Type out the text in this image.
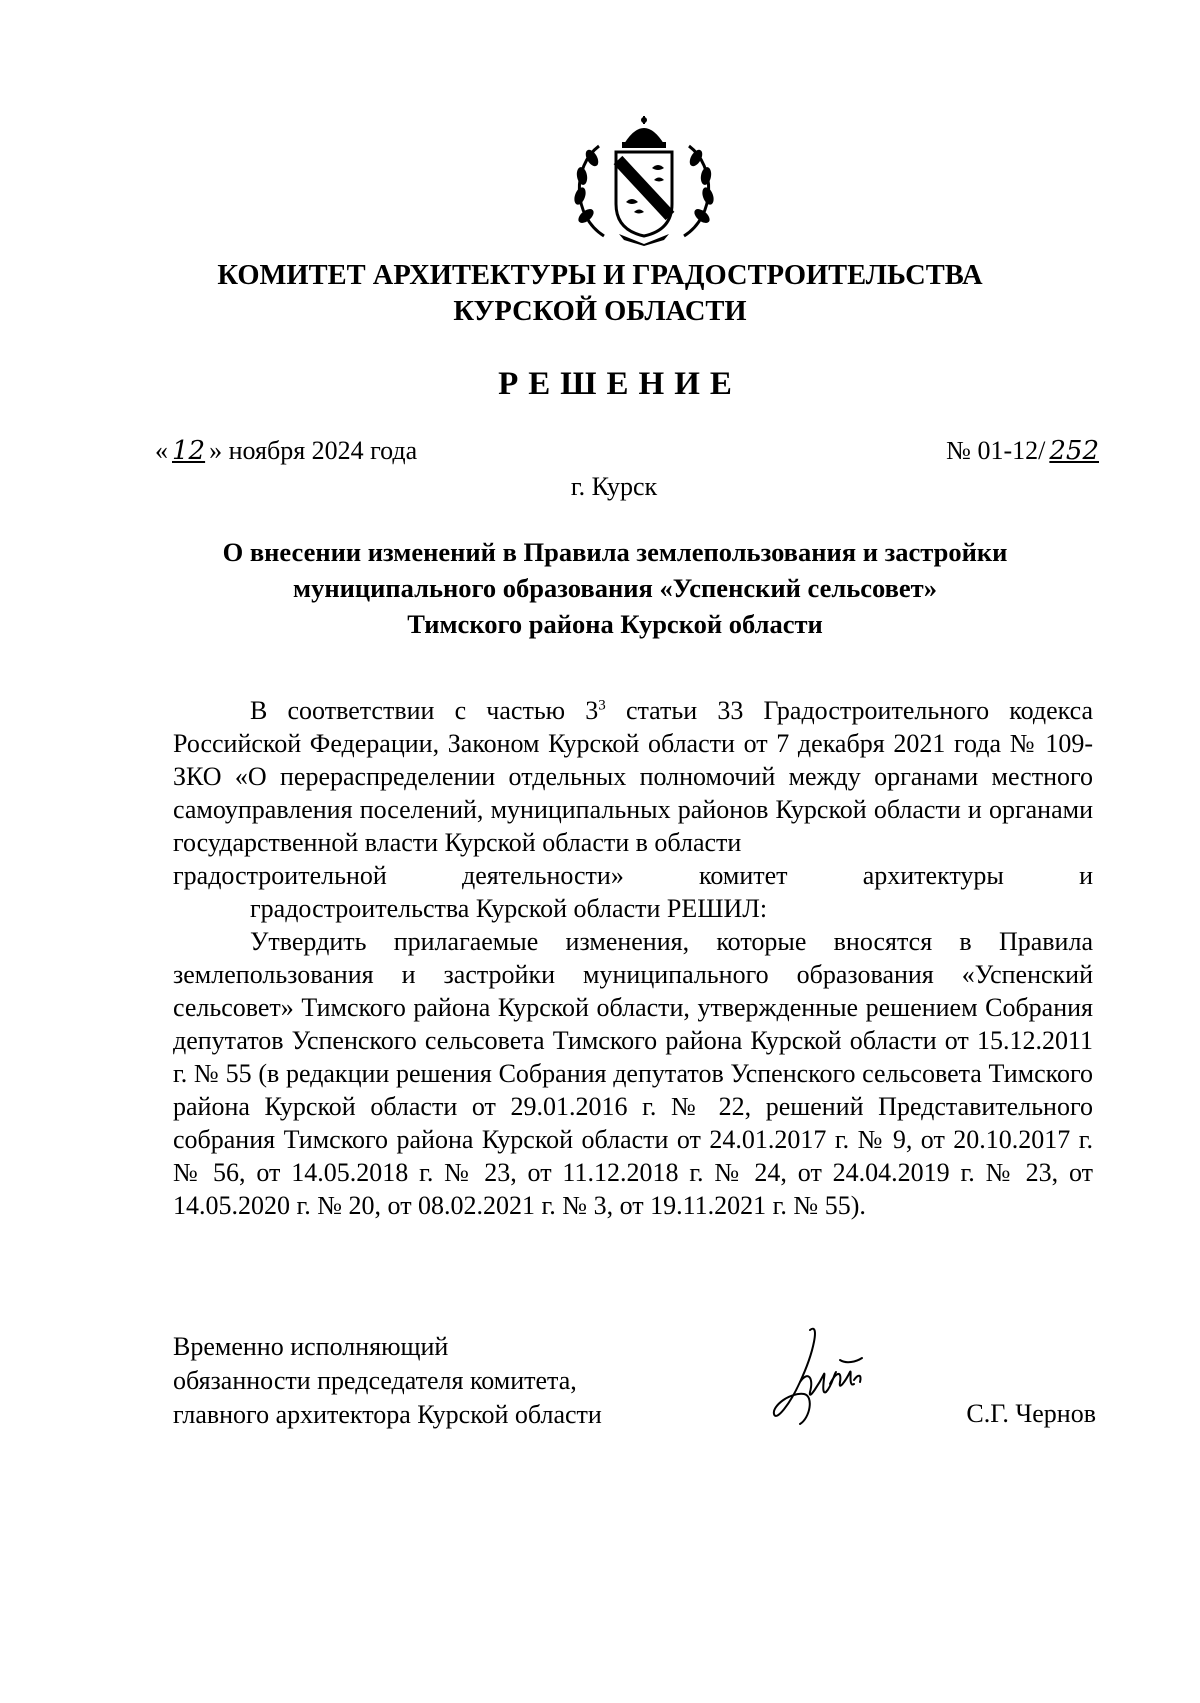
КОМИТЕТ АРХИТЕКТУРЫ И ГРАДОСТРОИТЕЛЬСТВА
КУРСКОЙ ОБЛАСТИ
РЕШЕНИЕ
« 12 » ноября 2024 года	№ 01-12/ 252
г. Курск
О внесении изменений в Правила землепользования и застройки
муниципального образования «Успенский сельсовет»
Тимского района Курской области

В соответствии с частью $3^3$ статьи 33 Градостроительного кодекса Российской Федерации, Законом Курской области от 7 декабря 2021 года № 109-ЗКО «О перераспределении отдельных полномочий между органами местного самоуправления поселений, муниципальных районов Курской области и органами государственной власти Курской области в области
градостроительной деятельности» комитет архитектуры и
градостроительства Курской области РЕШИЛ:

Утвердить прилагаемые изменения, которые вносятся в Правила землепользования и застройки муниципального образования «Успенский сельсовет» Тимского района Курской области, утвержденные решением Собрания депутатов Успенского сельсовета Тимского района Курской области от 15.12.2011 г. № 55 (в редакции решения Собрания депутатов Успенского сельсовета Тимского района Курской области от 29.01.2016 г. № 22, решений Представительного собрания Тимского района Курской области от 24.01.2017 г. № 9, от 20.10.2017 г. № 56, от 14.05.2018 г. № 23, от 11.12.2018 г. № 24, от 24.04.2019 г. № 23, от 14.05.2020 г. № 20, от 08.02.2021 г. № 3, от 19.11.2021 г. № 55).

Временно исполняющий
обязанности председателя комитета,
главного архитектора Курской области	С.Г. Чернов
